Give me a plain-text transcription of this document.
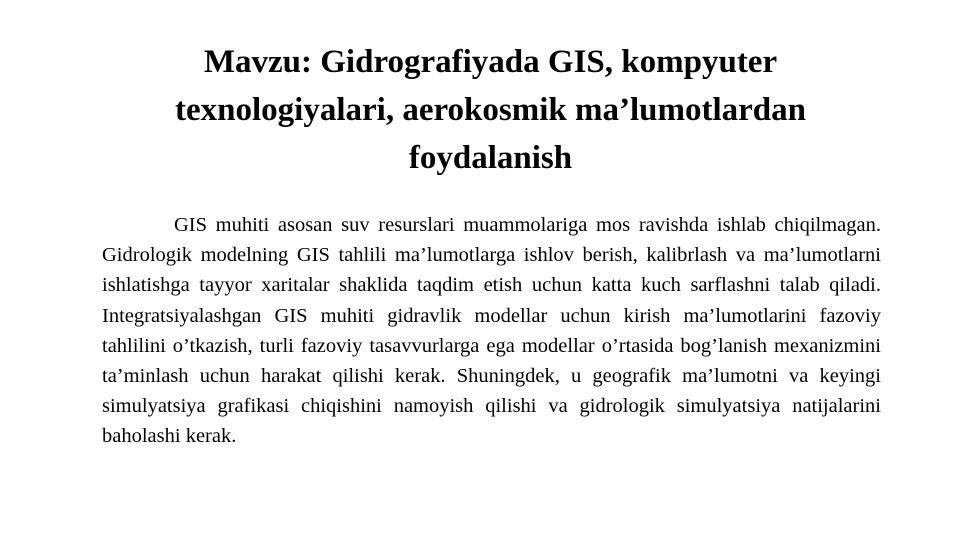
Mavzu: Gidrografiyada GIS, kompyuter texnologiyalari, aerokosmik ma’lumotlardan foydalanish

GIS muhiti asosan suv resurslari muammolariga mos ravishda ishlab chiqilmagan. Gidrologik modelning GIS tahlili ma’lumotlarga ishlov berish, kalibrlash va ma’lumotlarni ishlatishga tayyor xaritalar shaklida taqdim etish uchun katta kuch sarflashni talab qiladi. Integratsiyalashgan GIS muhiti gidravlik modellar uchun kirish ma’lumotlarini fazoviy tahlilini o’tkazish, turli fazoviy tasavvurlarga ega modellar o’rtasida bog’lanish mexanizmini ta’minlash uchun harakat qilishi kerak. Shuningdek, u geografik ma’lumotni va keyingi simulyatsiya grafikasi chiqishini namoyish qilishi va gidrologik simulyatsiya natijalarini baholashi kerak.
